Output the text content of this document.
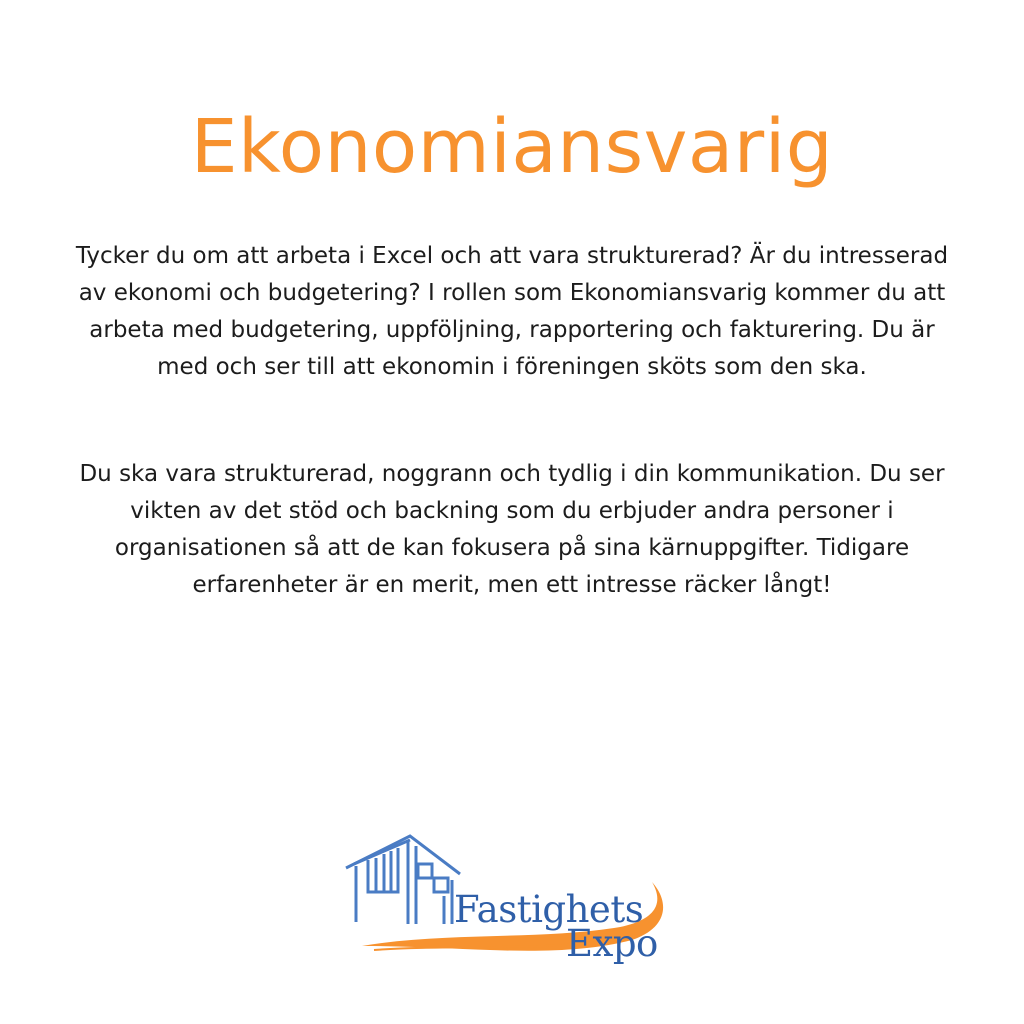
Ekonomiansvarig

Tycker du om att arbeta i Excel och att vara strukturerad? Är du intresserad av ekonomi och budgetering? I rollen som Ekonomiansvarig kommer du att arbeta med budgetering, uppföljning, rapportering och fakturering. Du är med och ser till att ekonomin i föreningen sköts som den ska.

Du ska vara strukturerad, noggrann och tydlig i din kommunikation. Du ser vikten av det stöd och backning som du erbjuder andra personer i organisationen så att de kan fokusera på sina kärnuppgifter. Tidigare erfarenheter är en merit, men ett intresse räcker långt!

Fastighets
Expo
